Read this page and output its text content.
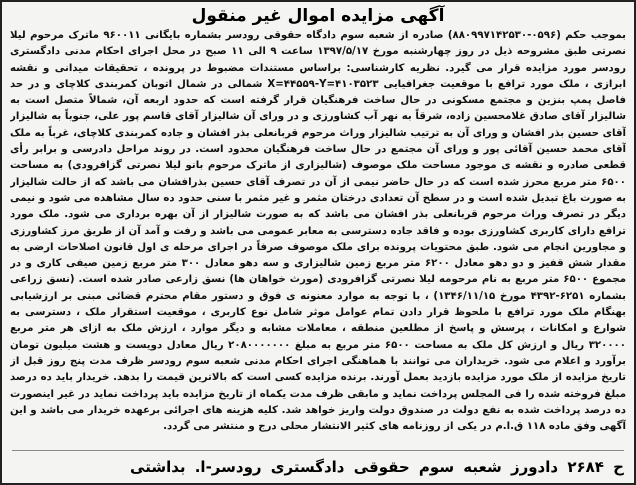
آگهی مزایده اموال غیر منقول

بموجب حکم (۰۵۹۶-۸۸۰۹۹۷۱۴۲۵۳۰) صادره از شعبه سوم دادگاه حقوقی رودسر بشماره بایگانی ۹۶۰۰۱۱ ماترک مرحوم لیلا نصرتی طبق مشروحه ذیل در روز چهارشنبه مورخ ۱۳۹۷/۵/۱۷ ساعت ۹ الی ۱۱ صبح در محل اجرای احکام مدنی دادگستری رودسر مورد مزایده قرار می گیرد. نظریه کارشناسی: براساس مستندات مضبوط در پرونده ، تحقیقات میدانی و نقشه ابرازی ، ملک مورد ترافع با موقعیت جغرافیایی X=۴۴۵۵۹-Y=۴۱۰۳۵۲۳ شمالی در شمال اتوبان کمربندی کلاچای و در حد فاصل پمپ بنزین و مجتمع مسکونی در حال ساخت فرهنگیان قرار گرفته است که حدود اربعه آن، شمالاً متصل است به شالیزار آقای صادق غلامحسین زاده، شرقاً به نهر آب کشاورزی و در ورای آن شالیزار آقای قاسم پور علی، جنوباً به شالیزار آقای حسین بذر افشان و ورای آن به ترتیب شالیزار وراث مرحوم قربانعلی بذر افشان و جاده کمربندی کلاچای، غرباً به ملک آقای محمد حسین آقائی پور و ورای آن مجتمع در حال ساخت فرهنگیان محدود است. در روند مراحل دادرسی و برابر رأی قطعی صادره و نقشه ی موجود مساحت ملک موصوف (شالیزاری از ماترک مرحوم بانو لیلا نصرتی گزافرودی) به مساحت ۶۵۰۰ متر مربع محرز شده است که در حال حاضر نیمی از آن در تصرف آقای حسین بذرافشان می باشد که از حالت شالیزار به صورت باغ تبدیل شده است و در سطح آن تعدادی درختان مثمر و غیر مثمر با سنی حدود ده سال مشاهده می شود و نیمی دیگر در تصرف وراث مرحوم قربانعلی بذر افشان می باشد که به صورت شالیزار از آن بهره برداری می شود. ملک مورد ترافع دارای کاربری کشاورزی بوده و فاقد جاده دسترسی به معابر عمومی می باشد و رفت و آمد آن از طریق مرز کشاورزی و مجاورین انجام می شود. طبق محتویات پرونده برای ملک موصوف صرفاً در اجرای مرحله ی اول قانون اصلاحات ارضی به مقدار شش قفیز و دو دهو معادل ۶۲۰۰ متر مربع زمین شالیزاری و سه دهو معادل ۳۰۰ متر مربع زمین صیفی کاری و در مجموع ۶۵۰۰ متر مربع به نام مرحومه لیلا نصرتی گزافرودی (مورث خواهان ها) نسق زارعی صادر شده است. (نسق زراعی بشماره ۶۲۵۱-۴۳۹۲ مورخ ۱۳۴۶/۱۱/۱۵) ، با توجه به موارد معنونه ی فوق و دستور مقام محترم قضائی مبنی بر ارزشیابی بهنگام ملک مورد ترافع با ملحوظ قرار دادن تمام عوامل موثر شامل نوع کاربری ، موقعیت استقرار ملک ، دسترسی به شوارع و امکانات ، پرسش و پاسخ از مطلعین منطقه ، معاملات مشابه و دیگر موارد ، ارزش ملک به ازای هر متر مربع ۳۲۰۰۰۰ ریال و ارزش کل ملک به مساحت ۶۵۰۰ متر مربع به مبلغ ۲۰۸۰۰۰۰۰۰۰ ریال معادل دویست و هشت میلیون تومان برآورد و اعلام می شود. خریداران می توانند با هماهنگی اجرای احکام مدنی شعبه سوم رودسر ظرف مدت پنج روز قبل از تاریخ مزایده از ملک مورد مزایده بازدید بعمل آورند. برنده مزایده کسی است که بالاترین قیمت را بدهد. خریدار باید ده درصد مبلغ فروخته شده را فی المجلس پرداخت نماید و مابقی ظرف مدت یکماه از تاریخ مزایده باید پرداخت نماید در غیر اینصورت ده درصد پرداخت شده به نفع دولت در صندوق دولت واریز خواهد شد. کلیه هزینه های اجرائی برعهده خریدار می باشد و این آگهی وفق ماده ۱۱۸ ق.ا.م در یکی از روزنامه های کثیر الانتشار محلی درج و منتشر می گردد.

ح ۲۶۸۴ دادورز شعبه سوم حقوقی دادگستری رودسر-ا. بداشتی
